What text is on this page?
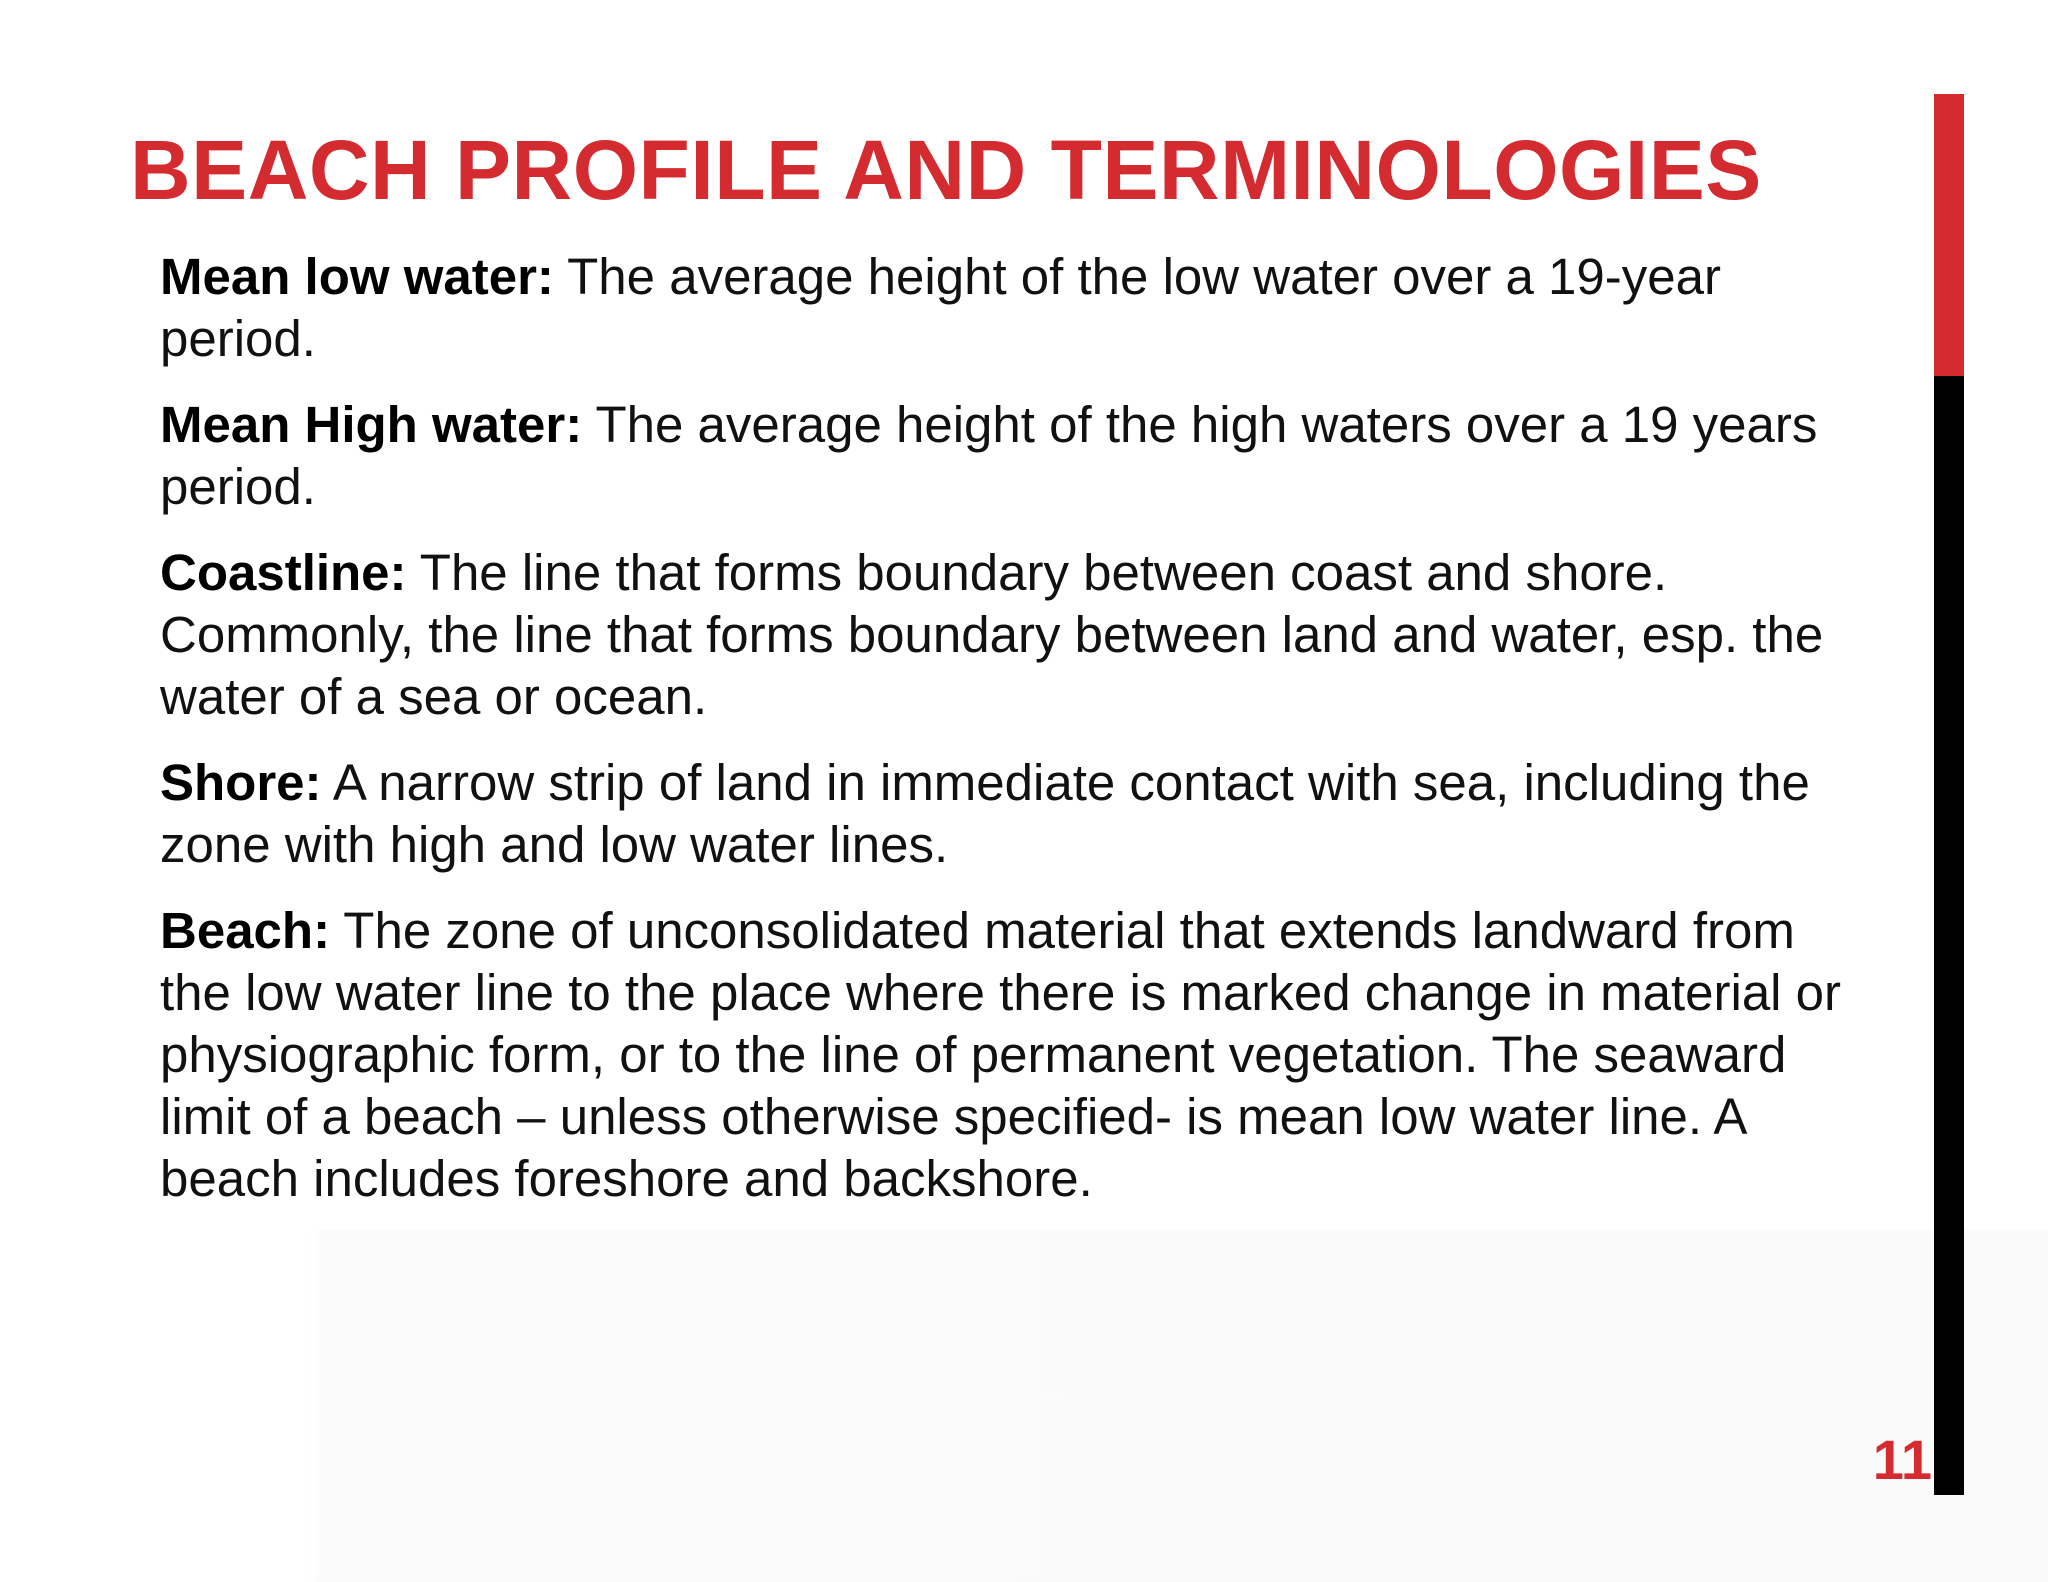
BEACH PROFILE AND TERMINOLOGIES

Mean low water: The average height of the low water over a 19-year period.

Mean High water: The average height of the high waters over a 19 years period.

Coastline: The line that forms boundary between coast and shore. Commonly, the line that forms boundary between land and water, esp. the water of a sea or ocean.

Shore: A narrow strip of land in immediate contact with sea, including the zone with high and low water lines.

Beach: The zone of unconsolidated material that extends landward from the low water line to the place where there is marked change in material or physiographic form, or to the line of permanent vegetation. The seaward limit of a beach – unless otherwise specified- is mean low water line. A beach includes foreshore and backshore.

11
